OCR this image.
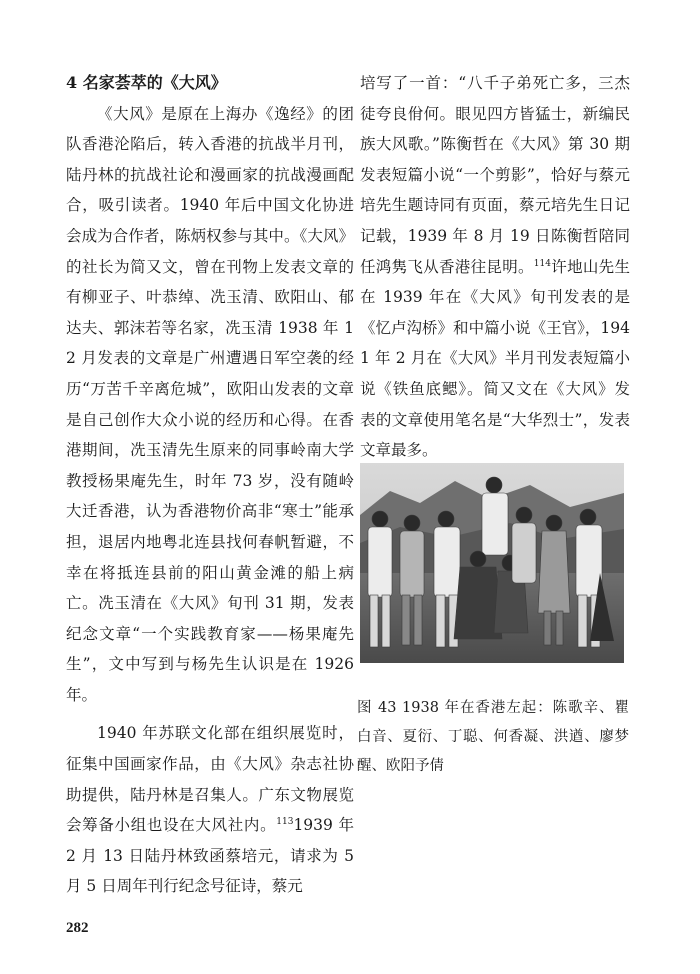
4 名家荟萃的《大风》

《大风》是原在上海办《逸经》的团队香港沦陷后，转入香港的抗战半月刊，陆丹林的抗战社论和漫画家的抗战漫画配合，吸引读者。1940 年后中国文化协进会成为合作者，陈炳权参与其中。《大风》的社长为简又文，曾在刊物上发表文章的有柳亚子、叶恭绰、冼玉清、欧阳山、郁达夫、郭沫若等名家，冼玉清 1938 年 12 月发表的文章是广州遭遇日军空袭的经历“万苦千辛离危城”，欧阳山发表的文章是自己创作大众小说的经历和心得。在香港期间，冼玉清先生原来的同事岭南大学教授杨果庵先生，时年 73 岁，没有随岭大迁香港，认为香港物价高非“寒士”能承担，退居内地粤北连县找何春帆暂避，不幸在将抵连县前的阳山黄金滩的船上病亡。冼玉清在《大风》旬刊 31 期，发表纪念文章“一个实践教育家——杨果庵先生”，文中写到与杨先生认识是在 1926 年。

1940 年苏联文化部在组织展览时，征集中国画家作品，由《大风》杂志社协助提供，陆丹林是召集人。广东文物展览会筹备小组也设在大风社内。$^{113}$1939 年 2 月 13 日陆丹林致函蔡培元，请求为 5 月 5 日周年刊行纪念号征诗，蔡元

培写了一首：“八千子弟死亡多，三杰徒夸良佾何。眼见四方皆猛士，新编民族大风歌。”陈衡哲在《大风》第 30 期发表短篇小说“一个剪影”，恰好与蔡元培先生题诗同有页面，蔡元培先生日记记载，1939 年 8 月 19 日陈衡哲陪同任鸿隽飞从香港往昆明。$^{114}$许地山先生在 1939 年在《大风》旬刊发表的是《忆卢沟桥》和中篇小说《王官》，1941 年 2 月在《大风》半月刊发表短篇小说《铁鱼底鳃》。简又文在《大风》发表的文章使用笔名是“大华烈士”，发表文章最多。

图 43 1938 年在香港左起：陈歌辛、瞿白音、夏衍、丁聪、何香凝、洪遒、廖梦醒、欧阳予倩
282
